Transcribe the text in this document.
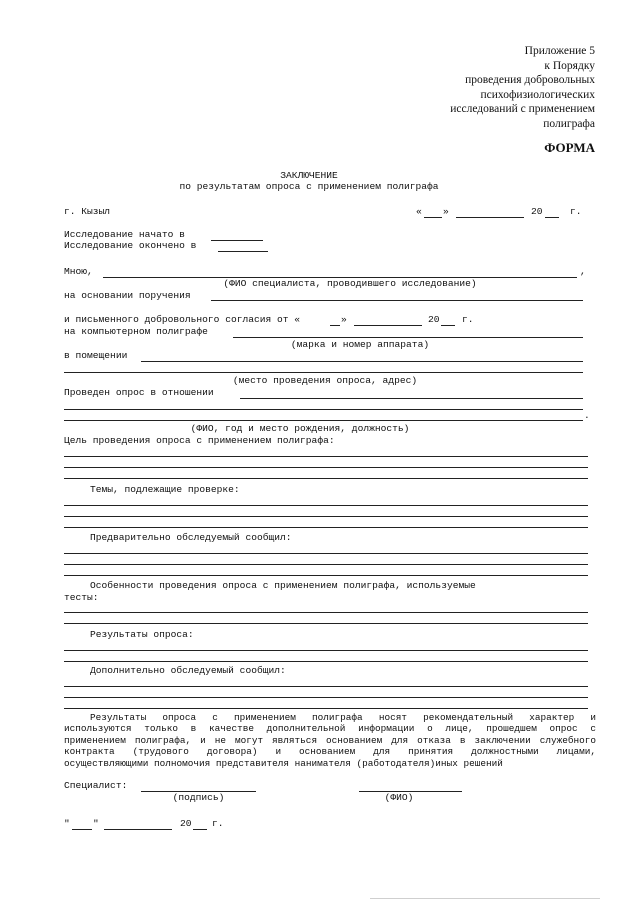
Приложение 5
к Порядку
проведения добровольных
психофизиологических
исследований с применением
полиграфа
ФОРМА
ЗАКЛЮЧЕНИЕ
по результатам опроса с применением полиграфа
г. Кызыл	« »	20	г.
Исследование начато в
Исследование окончено в
Мною,	,
(ФИО специалиста, проводившего исследование)
на основании поручения
и письменного добровольного согласия от «	»	20 г.
на компьютерном полиграфе
(марка и номер аппарата)
в помещении
(место проведения опроса, адрес)
Проведен опрос в отношении
.
(ФИО, год и место рождения, должность)
Цель проведения опроса с применением полиграфа:
Темы, подлежащие проверке:
Предварительно обследуемый сообщил:
Особенности проведения опроса с применением полиграфа, используемые
тесты:
Результаты опроса:
Дополнительно обследуемый сообщил:
Результаты опроса с применением полиграфа носят рекомендательный характер и
используются только в качестве дополнительной информации о лице, прошедшем опрос с
применением полиграфа, и не могут являться основанием для отказа в заключении служебного
контракта (трудового договора) и основанием для принятия должностными лицами,
осуществляющими полномочия представителя нанимателя (работодателя)иных решений
Специалист:
(подпись)	(ФИО)
" "	20 г.
